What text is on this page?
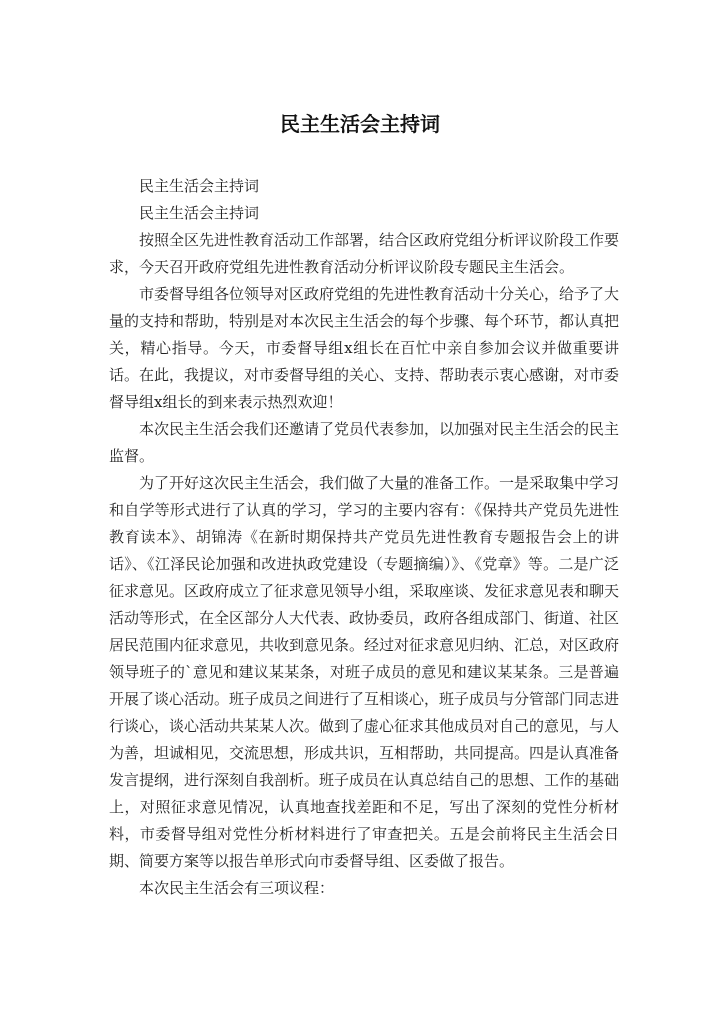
民主生活会主持词

民主生活会主持词

民主生活会主持词

按照全区先进性教育活动工作部署，结合区政府党组分析评议阶段工作要求，今天召开政府党组先进性教育活动分析评议阶段专题民主生活会。

市委督导组各位领导对区政府党组的先进性教育活动十分关心，给予了大量的支持和帮助，特别是对本次民主生活会的每个步骤、每个环节，都认真把关，精心指导。今天，市委督导组x组长在百忙中亲自参加会议并做重要讲话。在此，我提议，对市委督导组的关心、支持、帮助表示衷心感谢，对市委督导组x组长的到来表示热烈欢迎！

本次民主生活会我们还邀请了党员代表参加，以加强对民主生活会的民主监督。

为了开好这次民主生活会，我们做了大量的准备工作。一是采取集中学习和自学等形式进行了认真的学习，学习的主要内容有：《保持共产党员先进性教育读本》、胡锦涛《在新时期保持共产党员先进性教育专题报告会上的讲话》、《江泽民论加强和改进执政党建设（专题摘编）》、《党章》等。二是广泛征求意见。区政府成立了征求意见领导小组，采取座谈、发征求意见表和聊天活动等形式，在全区部分人大代表、政协委员，政府各组成部门、街道、社区居民范围内征求意见，共收到意见条。经过对征求意见归纳、汇总，对区政府领导班子的`意见和建议某某条，对班子成员的意见和建议某某条。三是普遍开展了谈心活动。班子成员之间进行了互相谈心，班子成员与分管部门同志进行谈心，谈心活动共某某人次。做到了虚心征求其他成员对自己的意见，与人为善，坦诚相见，交流思想，形成共识，互相帮助，共同提高。四是认真准备发言提纲，进行深刻自我剖析。班子成员在认真总结自己的思想、工作的基础上，对照征求意见情况，认真地查找差距和不足，写出了深刻的党性分析材料，市委督导组对党性分析材料进行了审查把关。五是会前将民主生活会日期、简要方案等以报告单形式向市委督导组、区委做了报告。

本次民主生活会有三项议程：
